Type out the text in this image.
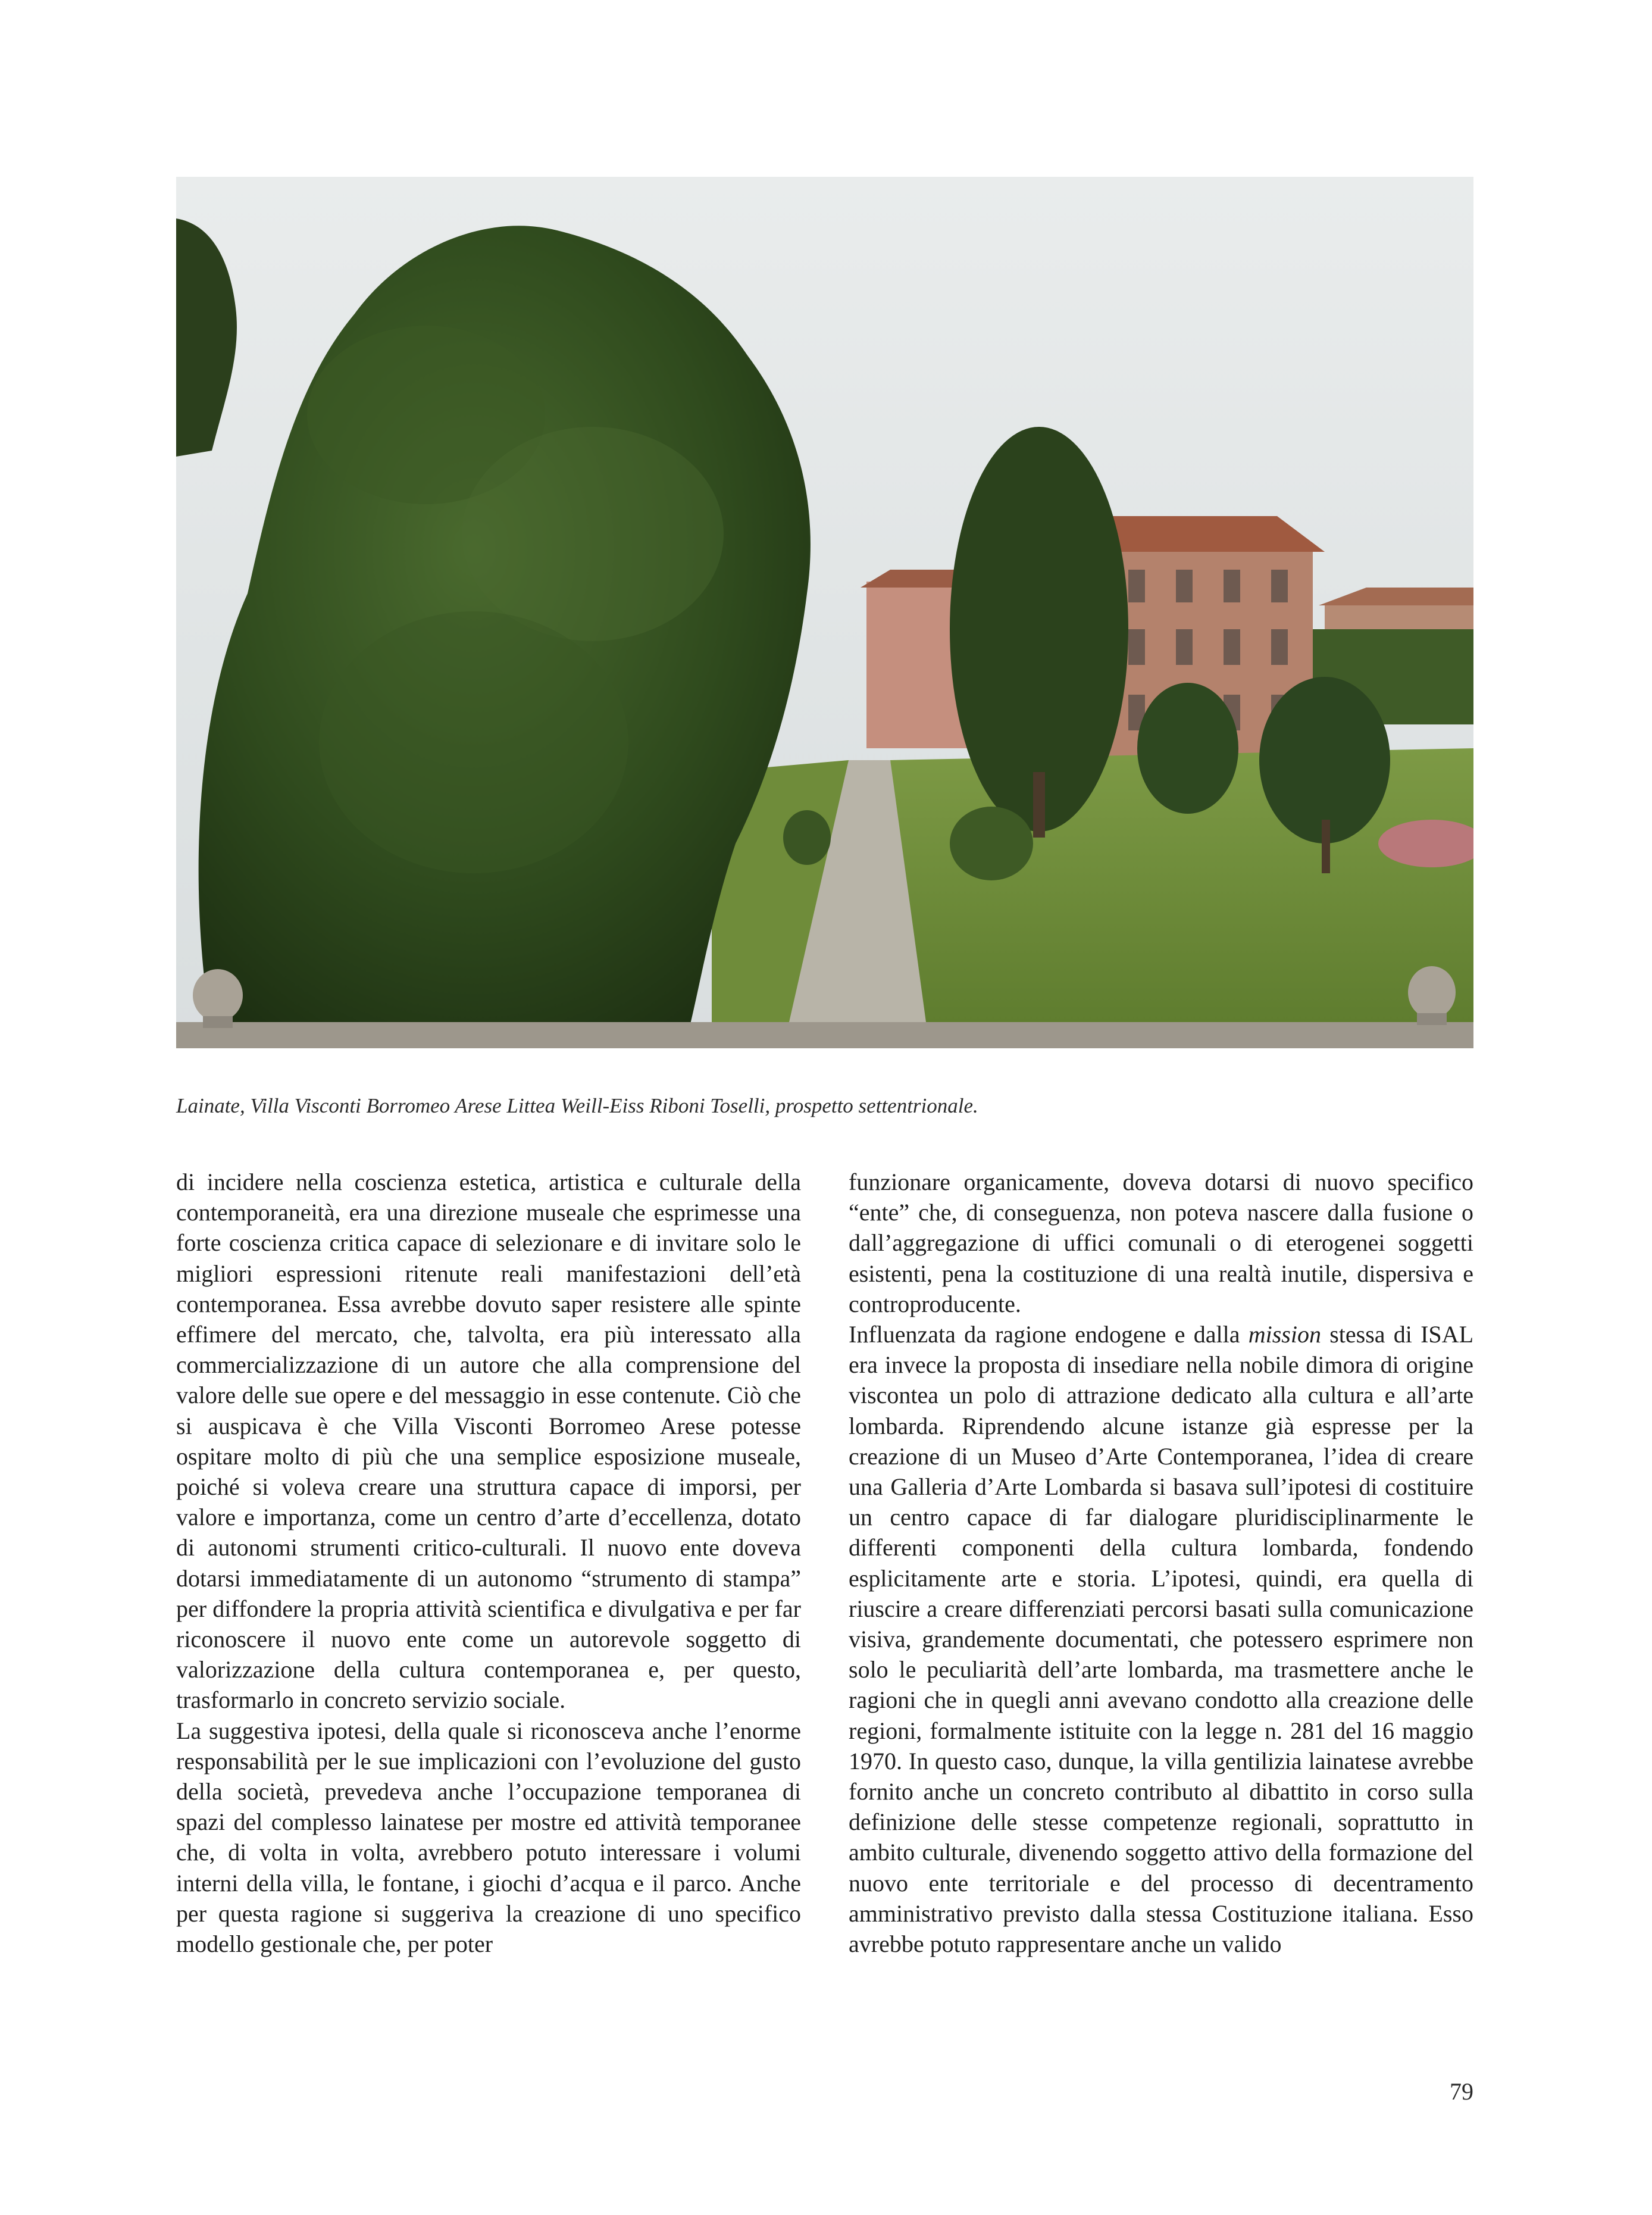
Lainate, Villa Visconti Borromeo Arese Littea Weill-Eiss Riboni Toselli, prospetto settentrionale.

di incidere nella coscienza estetica, artistica e culturale della contemporaneità, era una direzione museale che esprimesse una forte coscienza critica capace di selezionare e di invitare solo le migliori espressioni ritenute reali manifestazioni dell’età contemporanea. Essa avrebbe dovuto saper resistere alle spinte effimere del mercato, che, talvolta, era più interessato alla commercializzazione di un autore che alla comprensione del valore delle sue opere e del messaggio in esse contenute. Ciò che si auspicava è che Villa Visconti Borromeo Arese potesse ospitare molto di più che una semplice esposizione museale, poiché si voleva creare una struttura capace di imporsi, per valore e importanza, come un centro d’arte d’eccellenza, dotato di autonomi strumenti critico-culturali. Il nuovo ente doveva dotarsi immediatamente di un autonomo “strumento di stampa” per diffondere la propria attività scientifica e divulgativa e per far riconoscere il nuovo ente come un autorevole soggetto di valorizzazione della cultura contemporanea e, per questo, trasformarlo in concreto servizio sociale.

La suggestiva ipotesi, della quale si riconosceva anche l’enorme responsabilità per le sue implicazioni con l’evoluzione del gusto della società, prevedeva anche l’occupazione temporanea di spazi del complesso lainatese per mostre ed attività temporanee che, di volta in volta, avrebbero potuto interessare i volumi interni della villa, le fontane, i giochi d’acqua e il parco. Anche per questa ragione si suggeriva la creazione di uno specifico modello gestionale che, per poter

funzionare organicamente, doveva dotarsi di nuovo specifico “ente” che, di conseguenza, non poteva nascere dalla fusione o dall’aggregazione di uffici comunali o di eterogenei soggetti esistenti, pena la costituzione di una realtà inutile, dispersiva e controproducente.

Influenzata da ragione endogene e dalla mission stessa di ISAL era invece la proposta di insediare nella nobile dimora di origine viscontea un polo di attrazione dedicato alla cultura e all’arte lombarda. Riprendendo alcune istanze già espresse per la creazione di un Museo d’Arte Contemporanea, l’idea di creare una Galleria d’Arte Lombarda si basava sull’ipotesi di costituire un centro capace di far dialogare pluridisciplinarmente le differenti componenti della cultura lombarda, fondendo esplicitamente arte e storia. L’ipotesi, quindi, era quella di riuscire a creare differenziati percorsi basati sulla comunicazione visiva, grandemente documentati, che potessero esprimere non solo le peculiarità dell’arte lombarda, ma trasmettere anche le ragioni che in quegli anni avevano condotto alla creazione delle regioni, formalmente istituite con la legge n. 281 del 16 maggio 1970. In questo caso, dunque, la villa gentilizia lainatese avrebbe fornito anche un concreto contributo al dibattito in corso sulla definizione delle stesse competenze regionali, soprattutto in ambito culturale, divenendo soggetto attivo della formazione del nuovo ente territoriale e del processo di decentramento amministrativo previsto dalla stessa Costituzione italiana. Esso avrebbe potuto rappresentare anche un valido

79
